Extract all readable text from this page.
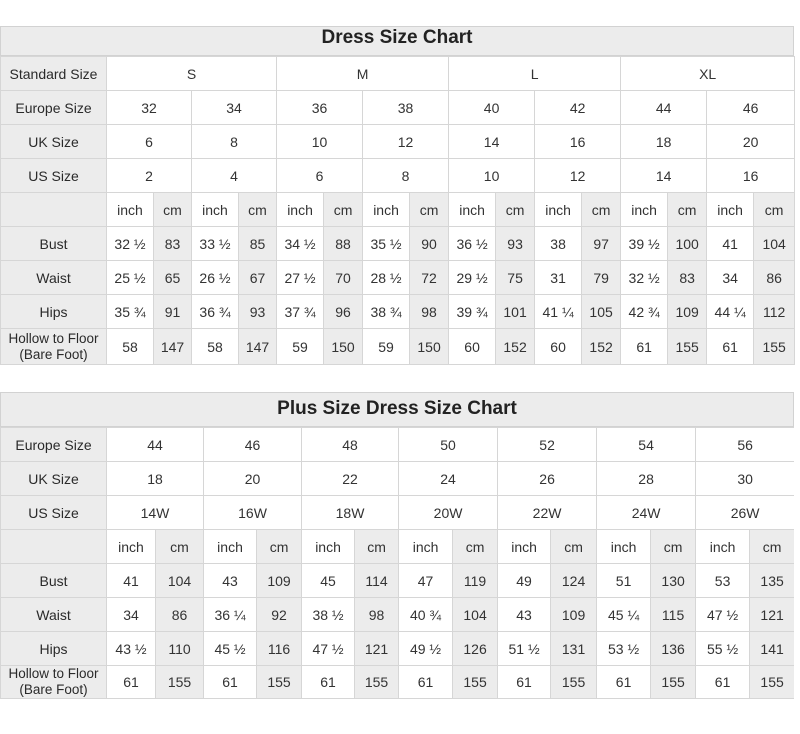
Dress Size Chart
Standard Size	S				M				L				XL			
Europe Size	32		34		36		38		40		42		44		46	
UK Size	6		8		10		12		14		16		18		20	
US Size	2		4		6		8		10		12		14		16	
	inch	cm	inch	cm	inch	cm	inch	cm	inch	cm	inch	cm	inch	cm	inch	cm
Bust	32 ½	83	33 ½	85	34 ½	88	35 ½	90	36 ½	93	38	97	39 ½	100	41	104
Waist	25 ½	65	26 ½	67	27 ½	70	28 ½	72	29 ½	75	31	79	32 ½	83	34	86
Hips	35 ¾	91	36 ¾	93	37 ¾	96	38 ¾	98	39 ¾	101	41 ¼	105	42 ¾	109	44 ¼	112
Hollow to Floor
(Bare Foot)	58	147	58	147	59	150	59	150	60	152	60	152	61	155	61	155
Plus Size Dress Size Chart
Europe Size	44		46		48		50		52		54		56	
UK Size	18		20		22		24		26		28		30	
US Size	14W		16W		18W		20W		22W		24W		26W	
	inch	cm	inch	cm	inch	cm	inch	cm	inch	cm	inch	cm	inch	cm
Bust	41	104	43	109	45	114	47	119	49	124	51	130	53	135
Waist	34	86	36 ¼	92	38 ½	98	40 ¾	104	43	109	45 ¼	115	47 ½	121
Hips	43 ½	110	45 ½	116	47 ½	121	49 ½	126	51 ½	131	53 ½	136	55 ½	141
Hollow to Floor
(Bare Foot)	61	155	61	155	61	155	61	155	61	155	61	155	61	155
